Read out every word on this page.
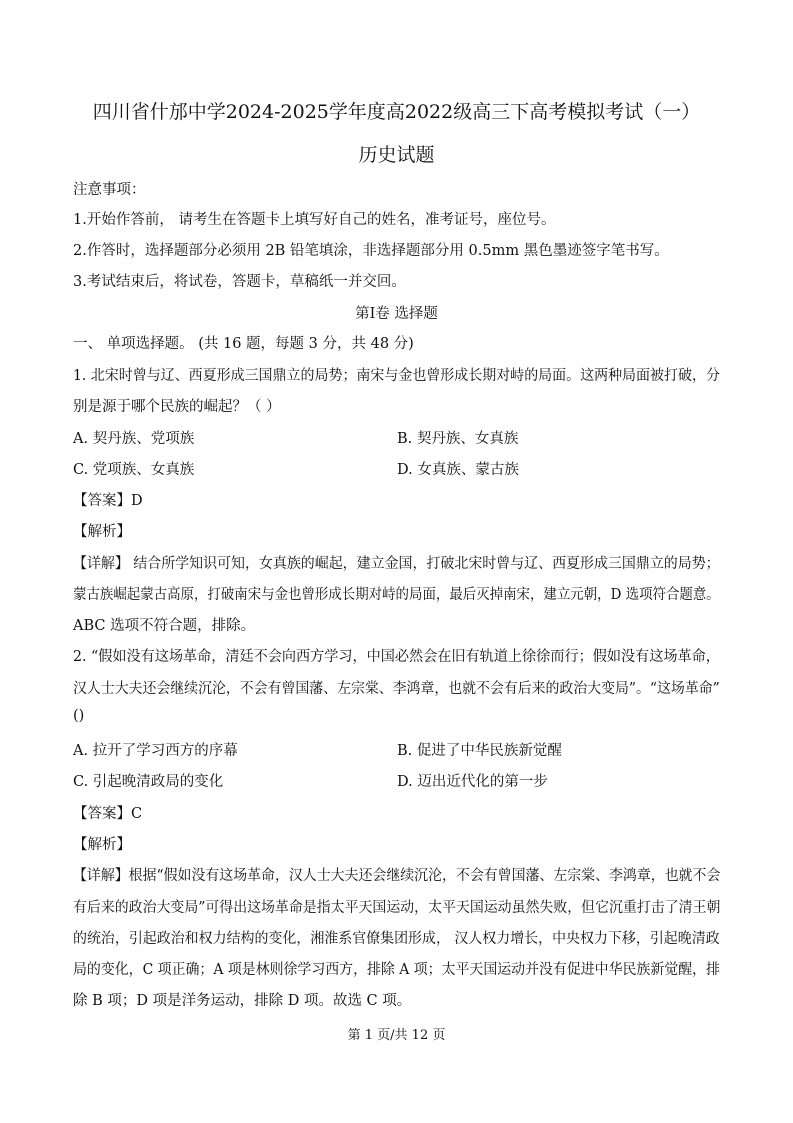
四川省什邡中学2024-2025学年度高2022级高三下高考模拟考试（一）
历史试题
注意事项：
1.开始作答前， 请考生在答题卡上填写好自己的姓名，准考证号，座位号。
2.作答时，选择题部分必须用 2B 铅笔填涂，非选择题部分用 0.5mm 黑色墨迹签字笔书写。
3.考试结束后，将试卷，答题卡，草稿纸一并交回。
第Ⅰ卷 选择题
一、 单项选择题。 (共 16 题，每题 3 分，共 48 分)
1. 北宋时曾与辽、西夏形成三国鼎立的局势；南宋与金也曾形成长期对峙的局面。这两种局面被打破，分
别是源于哪个民族的崛起？（ ）
A. 契丹族、党项族	B. 契丹族、女真族
C. 党项族、女真族	D. 女真族、蒙古族
【答案】D
【解析】
【详解】 结合所学知识可知，女真族的崛起，建立金国，打破北宋时曾与辽、西夏形成三国鼎立的局势；
蒙古族崛起蒙古高原，打破南宋与金也曾形成长期对峙的局面，最后灭掉南宋，建立元朝，D 选项符合题意。
ABC 选项不符合题，排除。
2. “假如没有这场革命，清廷不会向西方学习，中国必然会在旧有轨道上徐徐而行；假如没有这场革命，
汉人士大夫还会继续沉沦，不会有曾国藩、左宗棠、李鸿章，也就不会有后来的政治大变局”。“这场革命”
()
A. 拉开了学习西方的序幕	B. 促进了中华民族新觉醒
C. 引起晚清政局的变化	D. 迈出近代化的第一步
【答案】C
【解析】
【详解】根据“假如没有这场革命，汉人士大夫还会继续沉沦，不会有曾国藩、左宗棠、李鸿章，也就不会
有后来的政治大变局”可得出这场革命是指太平天国运动，太平天国运动虽然失败，但它沉重打击了清王朝
的统治，引起政治和权力结构的变化，湘淮系官僚集团形成， 汉人权力增长，中央权力下移，引起晚清政
局的变化，C 项正确；A 项是林则徐学习西方，排除 A 项；太平天国运动并没有促进中华民族新觉醒，排
除 B 项；D 项是洋务运动，排除 D 项。故选 C 项。
第 1 页/共 12 页
